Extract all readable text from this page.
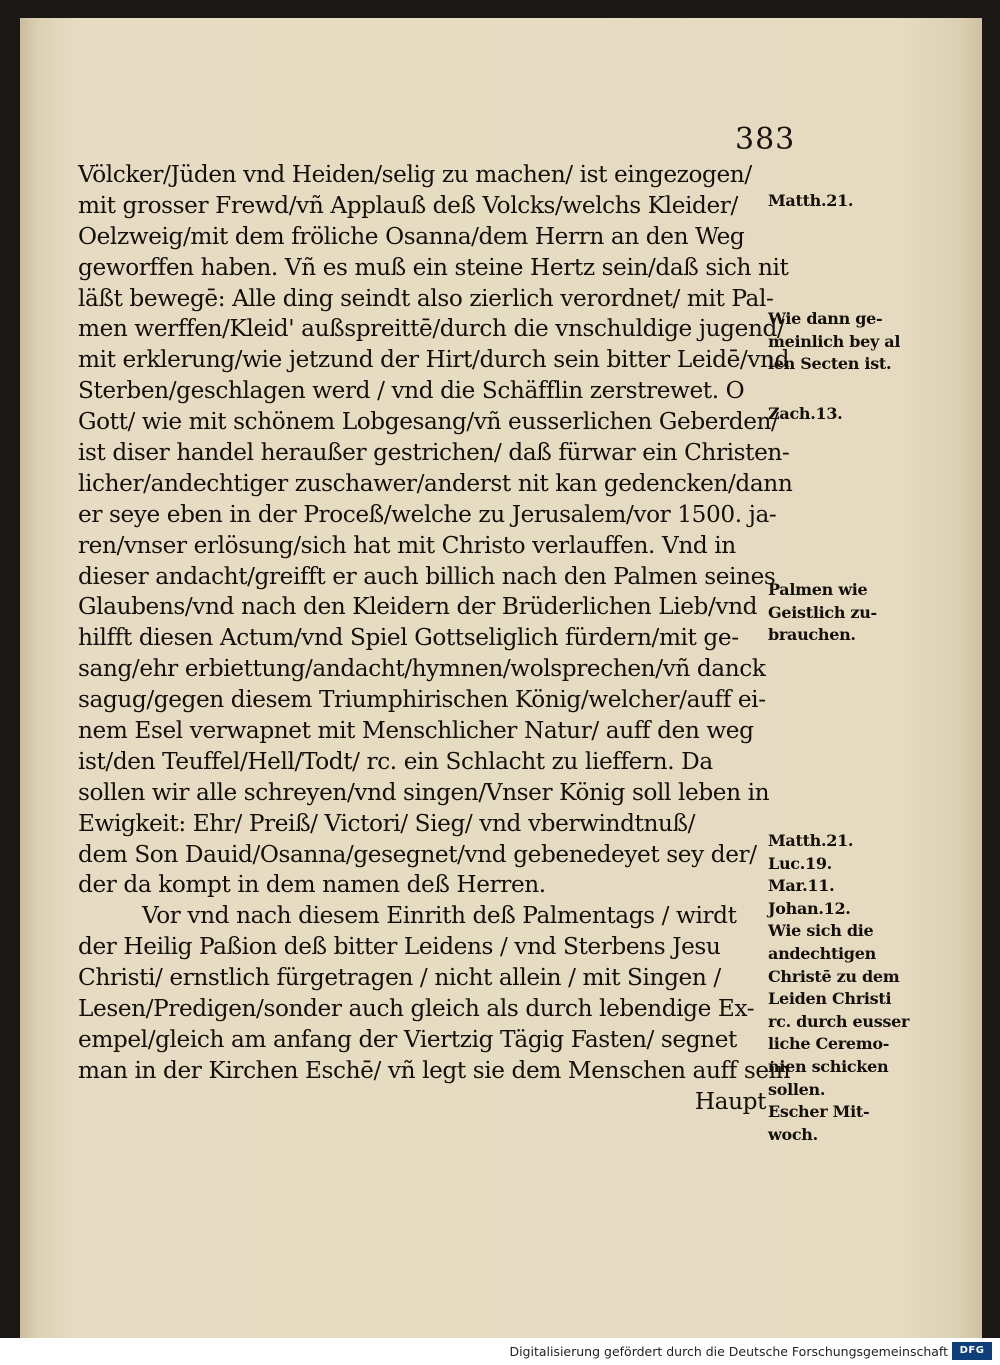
383
Völcker/Jüden vnd Heiden/selig zu machen/ ist eingezogen/
mit grosser Frewd/vñ Applauß deß Volcks/welchs Kleider/
Oelzweig/mit dem fröliche Osanna/dem Herrn an den Weg
geworffen haben. Vñ es muß ein steine Hertz sein/daß sich nit
läßt bewegē: Alle ding seindt also zierlich verordnet/ mit Pal-
men werffen/Kleid' außspreittē/durch die vnschuldige jugend/
mit erklerung/wie jetzund der Hirt/durch sein bitter Leidē/vnd
Sterben/geschlagen werd / vnd die Schäfflin zerstrewet. O
Gott/ wie mit schönem Lobgesang/vñ eusserlichen Geberden/
ist diser handel heraußer gestrichen/ daß fürwar ein Christen-
licher/andechtiger zuschawer/anderst nit kan gedencken/dann
er seye eben in der Proceß/welche zu Jerusalem/vor 1500. ja-
ren/vnser erlösung/sich hat mit Christo verlauffen. Vnd in
dieser andacht/greifft er auch billich nach den Palmen seines
Glaubens/vnd nach den Kleidern der Brüderlichen Lieb/vnd
hilfft diesen Actum/vnd Spiel Gottseliglich fürdern/mit ge-
sang/ehr erbiettung/andacht/hymnen/wolsprechen/vñ danck
sagug/gegen diesem Triumphirischen König/welcher/auff ei-
nem Esel verwapnet mit Menschlicher Natur/ auff den weg
ist/den Teuffel/Hell/Todt/ rc. ein Schlacht zu lieffern. Da
sollen wir alle schreyen/vnd singen/Vnser König soll leben in
Ewigkeit: Ehr/ Preiß/ Victori/ Sieg/ vnd vberwindtnuß/
dem Son Dauid/Osanna/gesegnet/vnd gebenedeyet sey der/
der da kompt in dem namen deß Herren.
Vor vnd nach diesem Einrith deß Palmentags / wirdt
der Heilig Paßion deß bitter Leidens / vnd Sterbens Jesu
Christi/ ernstlich fürgetragen / nicht allein / mit Singen /
Lesen/Predigen/sonder auch gleich als durch lebendige Ex-
empel/gleich am anfang der Viertzig Tägig Fasten/ segnet
man in der Kirchen Eschē/ vñ legt sie dem Menschen auff sein
Haupt
Matth.21.
Wie dann ge-
meinlich bey al
len Secten ist.
Zach.13.
Palmen wie
Geistlich zu-
brauchen.
Matth.21.
Luc.19.
Mar.11.
Johan.12.
Wie sich die
andechtigen
Christē zu dem
Leiden Christi
rc. durch eusser
liche Ceremo-
nien schicken
sollen.
Escher Mit-
woch.
Digitalisierung gefördert durch die Deutsche Forschungsgemeinschaft	DFG
